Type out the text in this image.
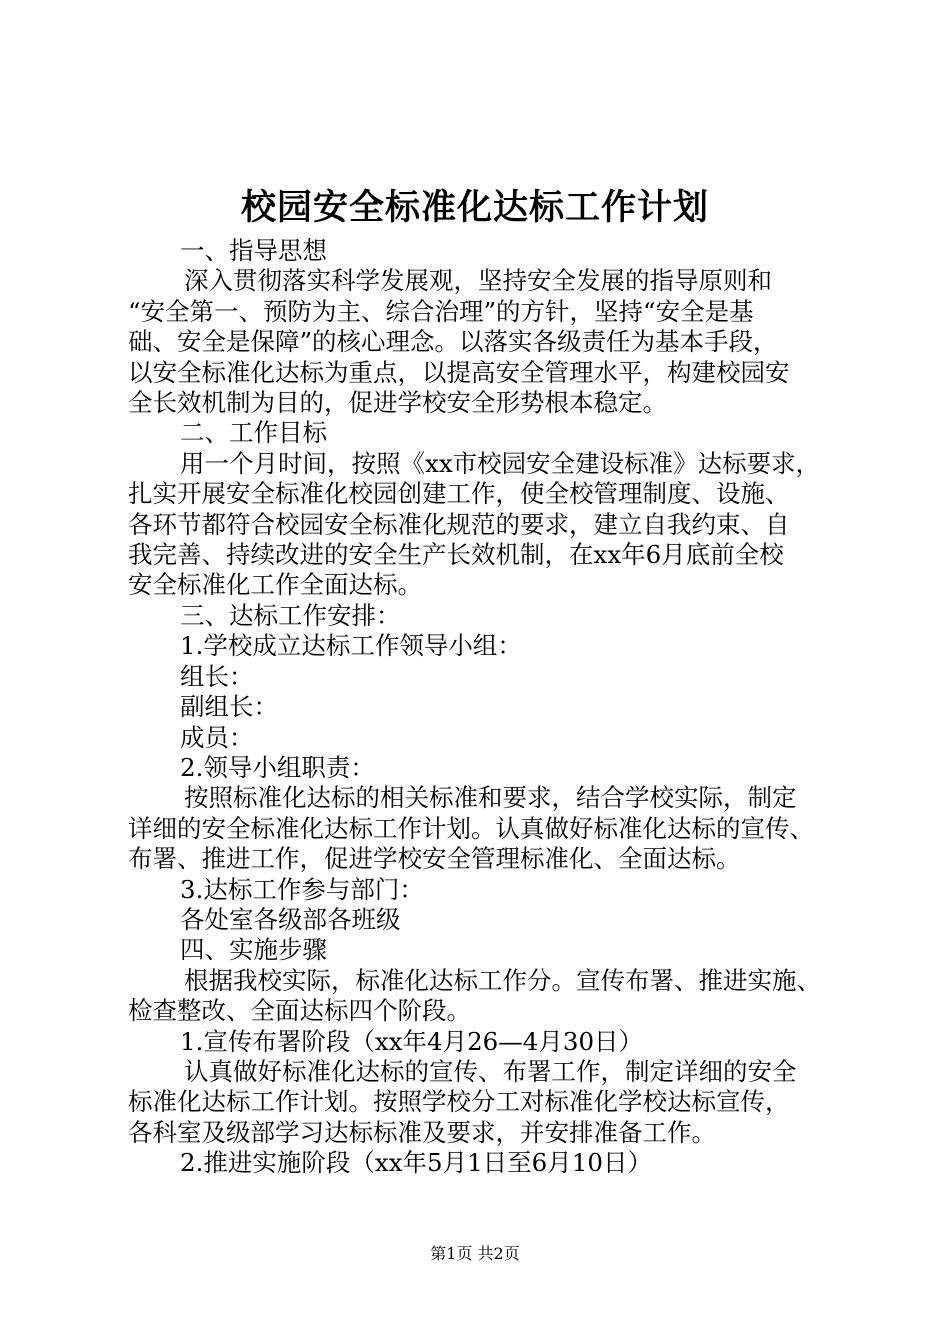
校园安全标准化达标工作计划

一、指导思想

深入贯彻落实科学发展观，坚持安全发展的指导原则和

“安全第一、预防为主、综合治理”的方针，坚持“安全是基

础、安全是保障”的核心理念。以落实各级责任为基本手段，

以安全标准化达标为重点，以提高安全管理水平，构建校园安

全长效机制为目的，促进学校安全形势根本稳定。

二、工作目标

用一个月时间，按照《xx市校园安全建设标准》达标要求，

扎实开展安全标准化校园创建工作，使全校管理制度、设施、

各环节都符合校园安全标准化规范的要求，建立自我约束、自

我完善、持续改进的安全生产长效机制，在xx年6月底前全校

安全标准化工作全面达标。

三、达标工作安排：

1.学校成立达标工作领导小组：

组长：

副组长：

成员：

2.领导小组职责：

按照标准化达标的相关标准和要求，结合学校实际，制定

详细的安全标准化达标工作计划。认真做好标准化达标的宣传、

布署、推进工作，促进学校安全管理标准化、全面达标。

3.达标工作参与部门：

各处室各级部各班级

四、实施步骤

根据我校实际，标准化达标工作分。宣传布署、推进实施、

检查整改、全面达标四个阶段。

1.宣传布署阶段（xx年4月26—4月30日）

认真做好标准化达标的宣传、布署工作，制定详细的安全

标准化达标工作计划。按照学校分工对标准化学校达标宣传，

各科室及级部学习达标标准及要求，并安排准备工作。

2.推进实施阶段（xx年5月1日至6月10日）

第1页 共2页
